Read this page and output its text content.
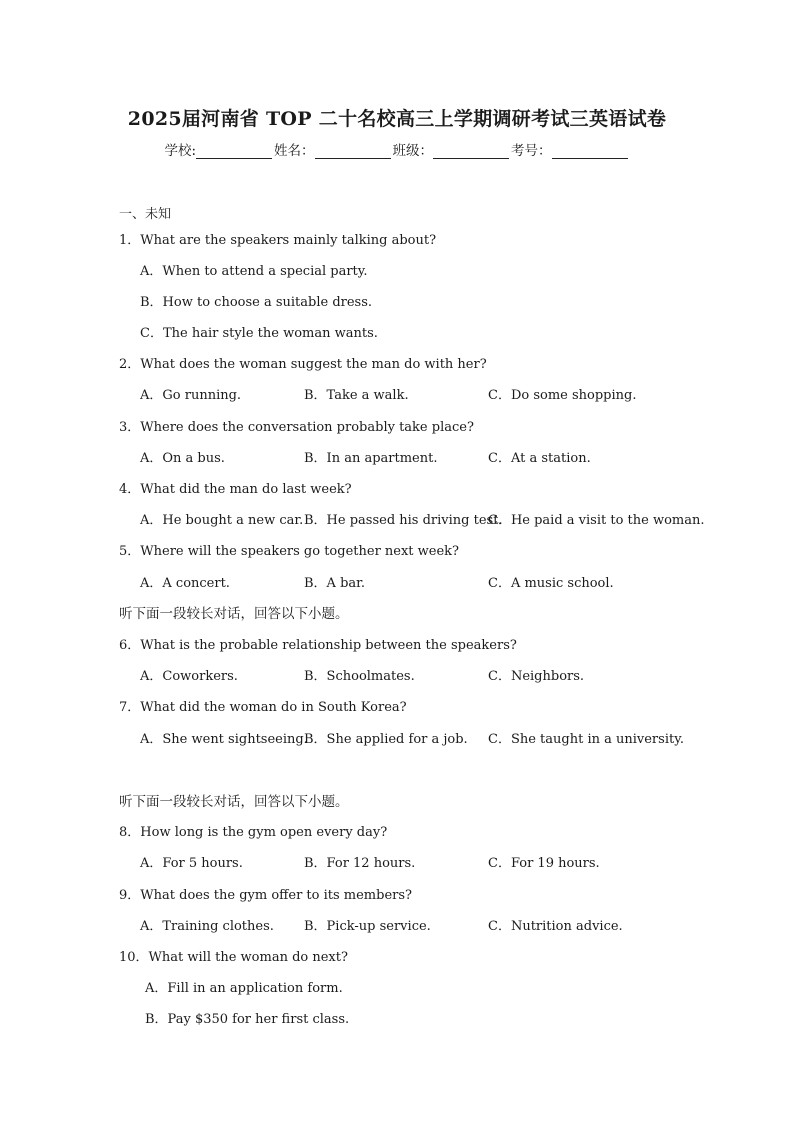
2025届河南省 TOP 二十名校高三上学期调研考试三英语试卷
学校:	姓名：	班级：	考号：
一、未知
1．What are the speakers mainly talking about?
A．When to attend a special party.
B．How to choose a suitable dress.
C．The hair style the woman wants.
2．What does the woman suggest the man do with her?
A．Go running.	B．Take a walk.	C．Do some shopping.
3．Where does the conversation probably take place?
A．On a bus.	B．In an apartment.	C．At a station.
4．What did the man do last week?
A．He bought a new car. B．He passed his driving test.
C．He paid a visit to the woman.
5．Where will the speakers go together next week?
A．A concert.	B．A bar.	C．A music school.
听下面一段较长对话，回答以下小题。
6．What is the probable relationship between the speakers?
A．Coworkers.	B．Schoolmates.	C．Neighbors.
7．What did the woman do in South Korea?
A．She went sightseeing.
B．She applied for a job. C．She taught in a university.
听下面一段较长对话，回答以下小题。
8．How long is the gym open every day?
A．For 5 hours.	B．For 12 hours.	C．For 19 hours.
9．What does the gym offer to its members?
A．Training clothes. B．Pick-up service.	C．Nutrition advice.
10．What will the woman do next?
A．Fill in an application form.
B．Pay $350 for her first class.
